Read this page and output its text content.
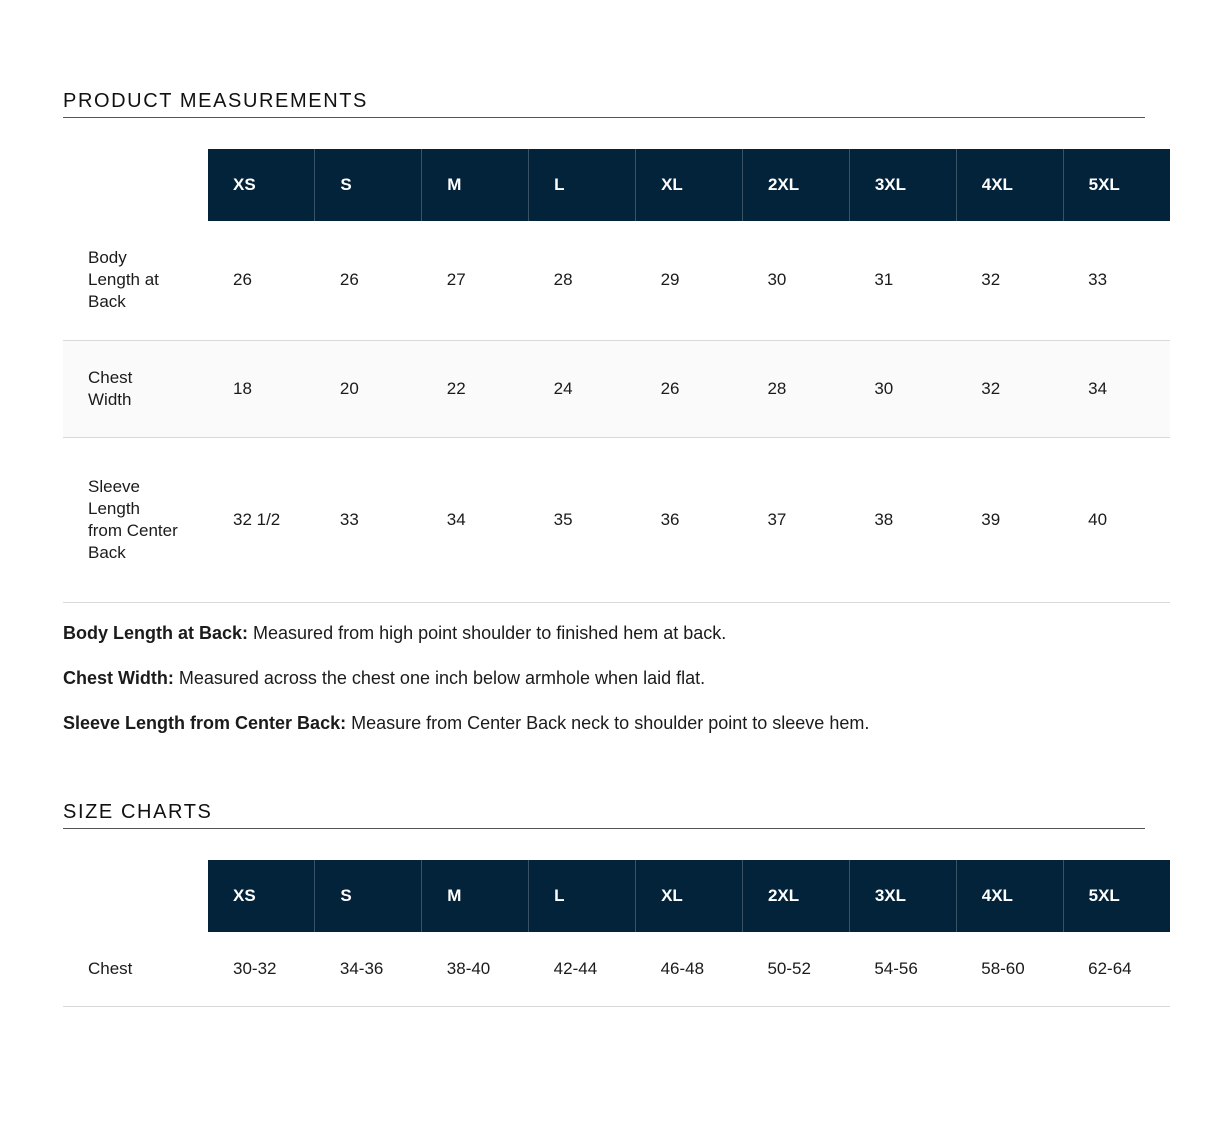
PRODUCT MEASUREMENTS
	XS	S	M	L	XL	2XL	3XL	4XL	5XL
Body Length at Back	26	26	27	28	29	30	31	32	33
Chest Width	18	20	22	24	26	28	30	32	34
Sleeve Length from Center Back	32 1/2	33	34	35	36	37	38	39	40

Body Length at Back: Measured from high point shoulder to finished hem at back.

Chest Width: Measured across the chest one inch below armhole when laid flat.

Sleeve Length from Center Back: Measure from Center Back neck to shoulder point to sleeve hem.

SIZE CHARTS
	XS	S	M	L	XL	2XL	3XL	4XL	5XL
Chest	30-32	34-36	38-40	42-44	46-48	50-52	54-56	58-60	62-64
